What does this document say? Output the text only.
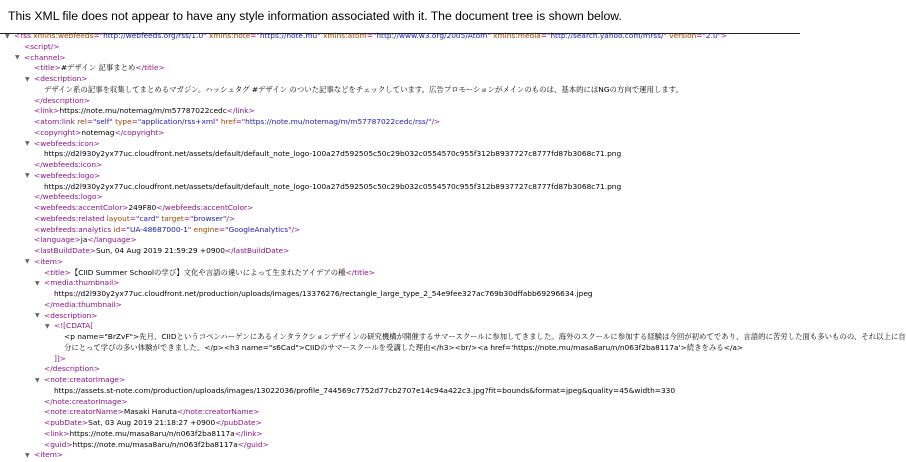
This XML file does not appear to have any style information associated with it. The document tree is shown below.
▼ <rss xmlns:webfeeds="http://webfeeds.org/rss/1.0" xmlns:note="https://note.mu" xmlns:atom="http://www.w3.org/2005/Atom" xmlns:media="http://search.yahoo.com/mrss/" version="2.0">
<script/>
▼ <channel>
<title>#デザイン 記事まとめ</title>
▼ <description>
デザイン系の記事を収集してまとめるマガジン。ハッシュタグ #デザイン のついた記事などをチェックしています。広告プロモーションがメインのものは、基本的にはNGの方向で運用します。
</description>
<link>https://note.mu/notemag/m/m57787022cedc</link>
<atom:link rel="self" type="application/rss+xml" href="https://note.mu/notemag/m/m57787022cedc/rss/"/>
<copyright>notemag</copyright>
▼ <webfeeds:icon>
https://d2l930y2yx77uc.cloudfront.net/assets/default/default_note_logo-100a27d592505c50c29b032c0554570c955f312b8937727c8777fd87b3068c71.png
</webfeeds:icon>
▼ <webfeeds:logo>
https://d2l930y2yx77uc.cloudfront.net/assets/default/default_note_logo-100a27d592505c50c29b032c0554570c955f312b8937727c8777fd87b3068c71.png
</webfeeds:logo>
<webfeeds:accentColor>249F80</webfeeds:accentColor>
<webfeeds:related layout="card" target="browser"/>
<webfeeds:analytics id="UA-48687000-1" engine="GoogleAnalytics"/>
<language>ja</language>
<lastBuildDate>Sun, 04 Aug 2019 21:59:29 +0900</lastBuildDate>
▼ <item>
<title>【CIID Summer Schoolの学び】文化や言語の違いによって生まれたアイデアの種</title>
▼ <media:thumbnail>
https://d2l930y2yx77uc.cloudfront.net/production/uploads/images/13376276/rectangle_large_type_2_54e9fee327ac769b30dffabb69296634.jpeg
</media:thumbnail>
▼ <description>
▼ <![CDATA[
<p name="BrZvF">先月、CIIDというコペンハーゲンにあるインタラクションデザインの研究機構が開催するサマースクールに参加してきました。海外のスクールに参加する経験は今回が初めてであり、言語的に苦労した面も多いものの、それ以上に自
分にとって学びの多い体験ができました。</p><h3 name="s6Cad">CIIDのサマースクールを受講した理由</h3><br/><a href='https://note.mu/masa8aru/n/n063f2ba8117a'>続きをみる</a>
]]>
</description>
▼ <note:creatorImage>
https://assets.st-note.com/production/uploads/images/13022036/profile_744569c7752d77cb2707e14c94a422c3.jpg?fit=bounds&format=jpeg&quality=45&width=330
</note:creatorImage>
<note:creatorName>Masaki Haruta</note:creatorName>
<pubDate>Sat, 03 Aug 2019 21:18:27 +0900</pubDate>
<link>https://note.mu/masa8aru/n/n063f2ba8117a</link>
<guid>https://note.mu/masa8aru/n/n063f2ba8117a</guid>
▼ <item>
